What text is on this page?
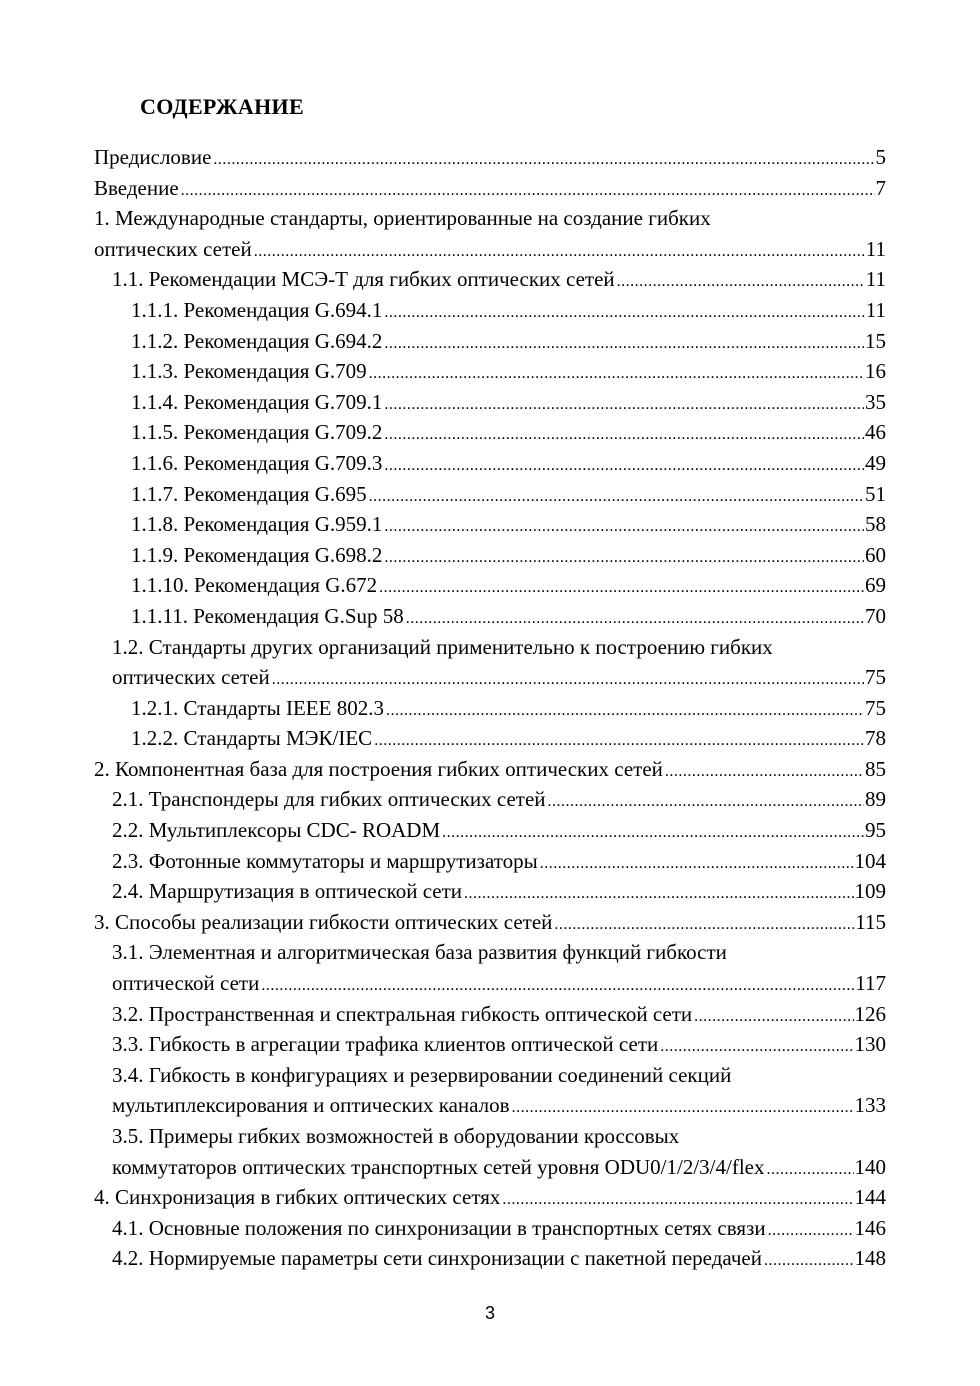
СОДЕРЖАНИЕ
Предисловие .....	5
Введение .....	7
1. Международные стандарты, ориентированные на создание гибких
оптических сетей .....	11
1.1. Рекомендации МСЭ-Т для гибких оптических сетей .....	11
1.1.1. Рекомендация G.694.1 .....	11
1.1.2. Рекомендация G.694.2 .....	15
1.1.3. Рекомендация G.709 .....	16
1.1.4. Рекомендация G.709.1 .....	35
1.1.5. Рекомендация G.709.2 .....	46
1.1.6. Рекомендация G.709.3 .....	49
1.1.7. Рекомендация G.695 .....	51
1.1.8. Рекомендация G.959.1 .....	58
1.1.9. Рекомендация G.698.2 .....	60
1.1.10. Рекомендация G.672 .....	69
1.1.11. Рекомендация G.Sup 58 .....	70
1.2. Стандарты других организаций применительно к построению гибких
оптических сетей .....	75
1.2.1. Стандарты IEEE 802.3 .....	75
1.2.2. Стандарты МЭК/IEC .....	78
2. Компонентная база для построения гибких оптических сетей .....	85
2.1. Транспондеры для гибких оптических сетей .....	89
2.2. Мультиплексоры CDC- ROADM .....	95
2.3. Фотонные коммутаторы и маршрутизаторы .....	104
2.4. Маршрутизация в оптической сети .....	109
3. Способы реализации гибкости оптических сетей .....	115
3.1. Элементная и алгоритмическая база развития функций гибкости
оптической сети .....	117
3.2. Пространственная и спектральная гибкость оптической сети .....	126
3.3. Гибкость в агрегации трафика клиентов оптической сети .....	130
3.4. Гибкость в конфигурациях и резервировании соединений секций
мультиплексирования и оптических каналов .....	133
3.5. Примеры гибких возможностей в оборудовании кроссовых
коммутаторов оптических транспортных сетей уровня ODU0/1/2/3/4/flex .....	140
4. Синхронизация в гибких оптических сетях .....	144
4.1. Основные положения по синхронизации в транспортных сетях связи .....	146
4.2. Нормируемые параметры сети синхронизации с пакетной передачей .....	148
3
